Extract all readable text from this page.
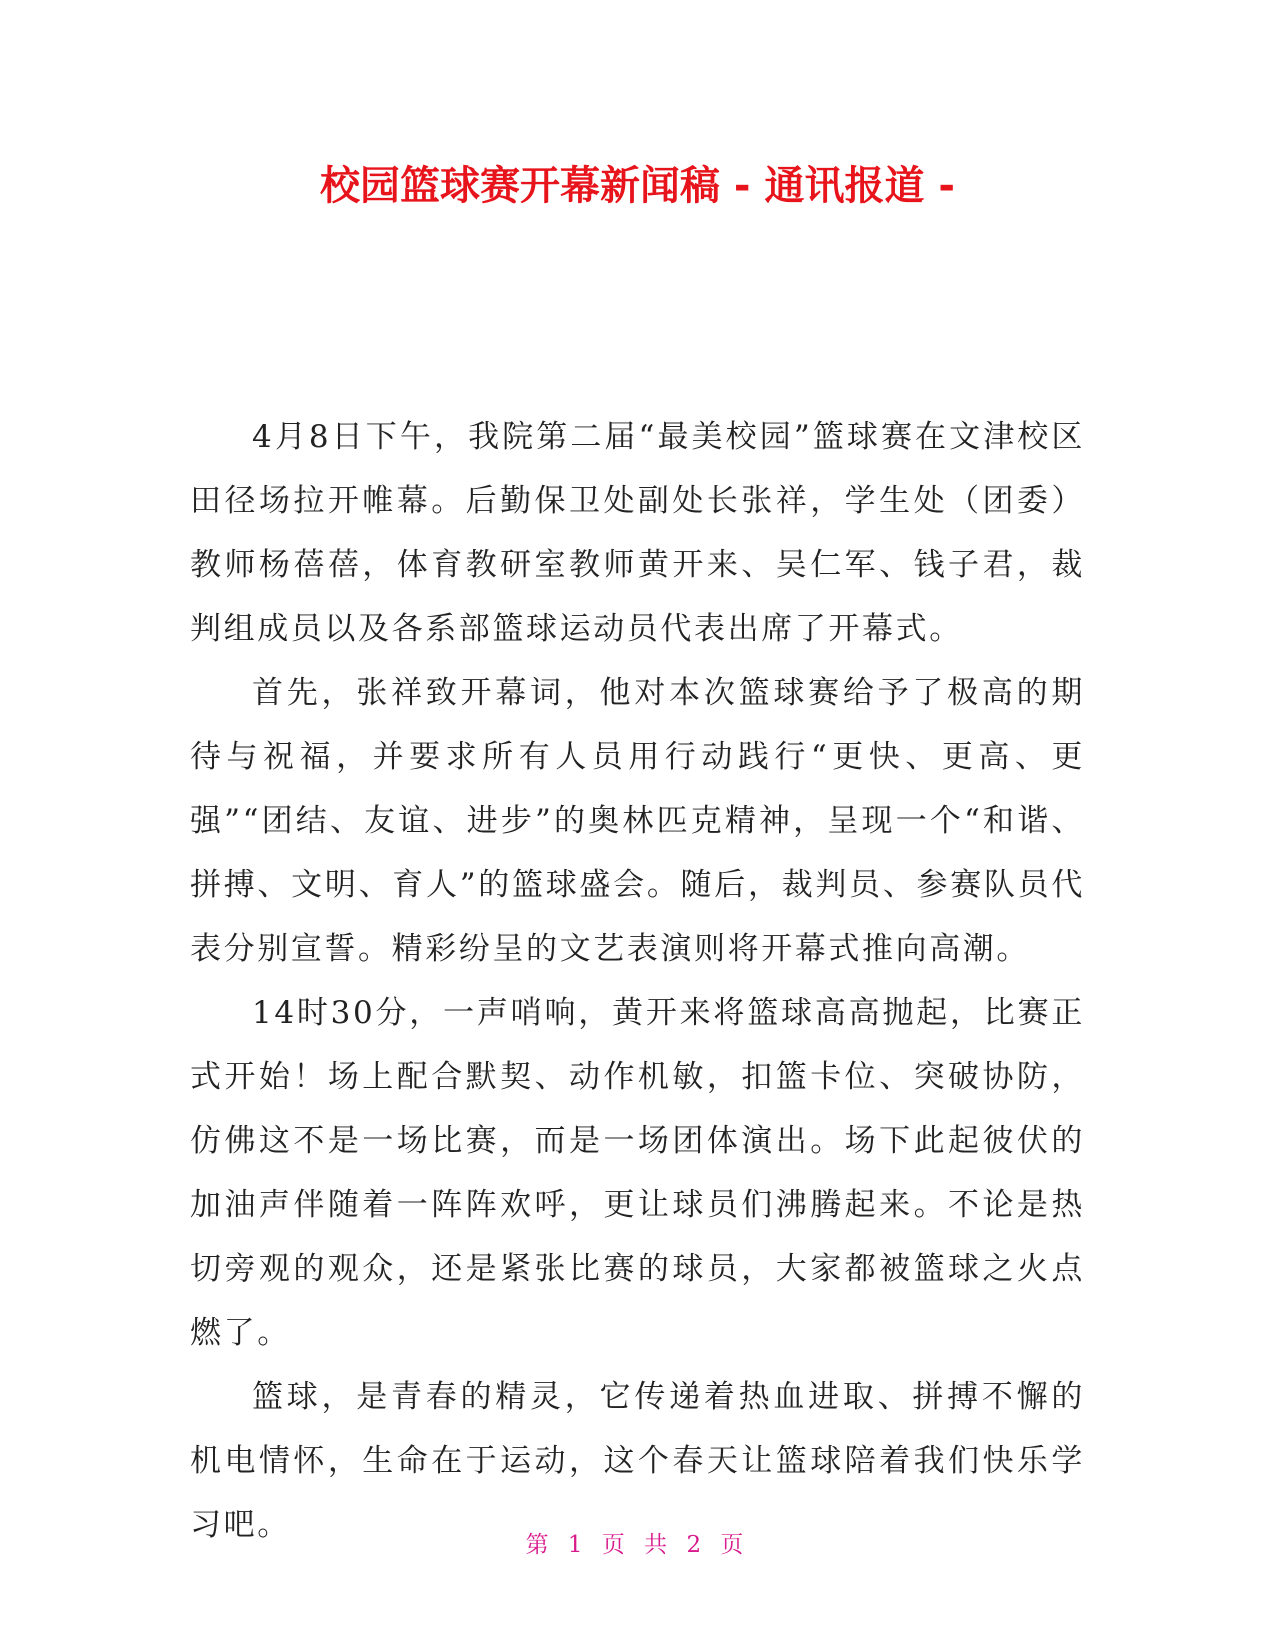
校园篮球赛开幕新闻稿 - 通讯报道 -

4月8日下午，我院第二届“最美校园”篮球赛在文津校区田径场拉开帷幕。后勤保卫处副处长张祥，学生处（团委）教师杨蓓蓓，体育教研室教师黄开来、吴仁军、钱子君，裁判组成员以及各系部篮球运动员代表出席了开幕式。

首先，张祥致开幕词，他对本次篮球赛给予了极高的期待与祝福，并要求所有人员用行动践行“更快、更高、更强”“团结、友谊、进步”的奥林匹克精神，呈现一个“和谐、拼搏、文明、育人”的篮球盛会。随后，裁判员、参赛队员代表分别宣誓。精彩纷呈的文艺表演则将开幕式推向高潮。

14时30分，一声哨响，黄开来将篮球高高抛起，比赛正式开始！场上配合默契、动作机敏，扣篮卡位、突破协防，仿佛这不是一场比赛，而是一场团体演出。场下此起彼伏的加油声伴随着一阵阵欢呼，更让球员们沸腾起来。不论是热切旁观的观众，还是紧张比赛的球员，大家都被篮球之火点燃了。

篮球，是青春的精灵，它传递着热血进取、拼搏不懈的机电情怀，生命在于运动，这个春天让篮球陪着我们快乐学习吧。

第 1 页 共 2 页
